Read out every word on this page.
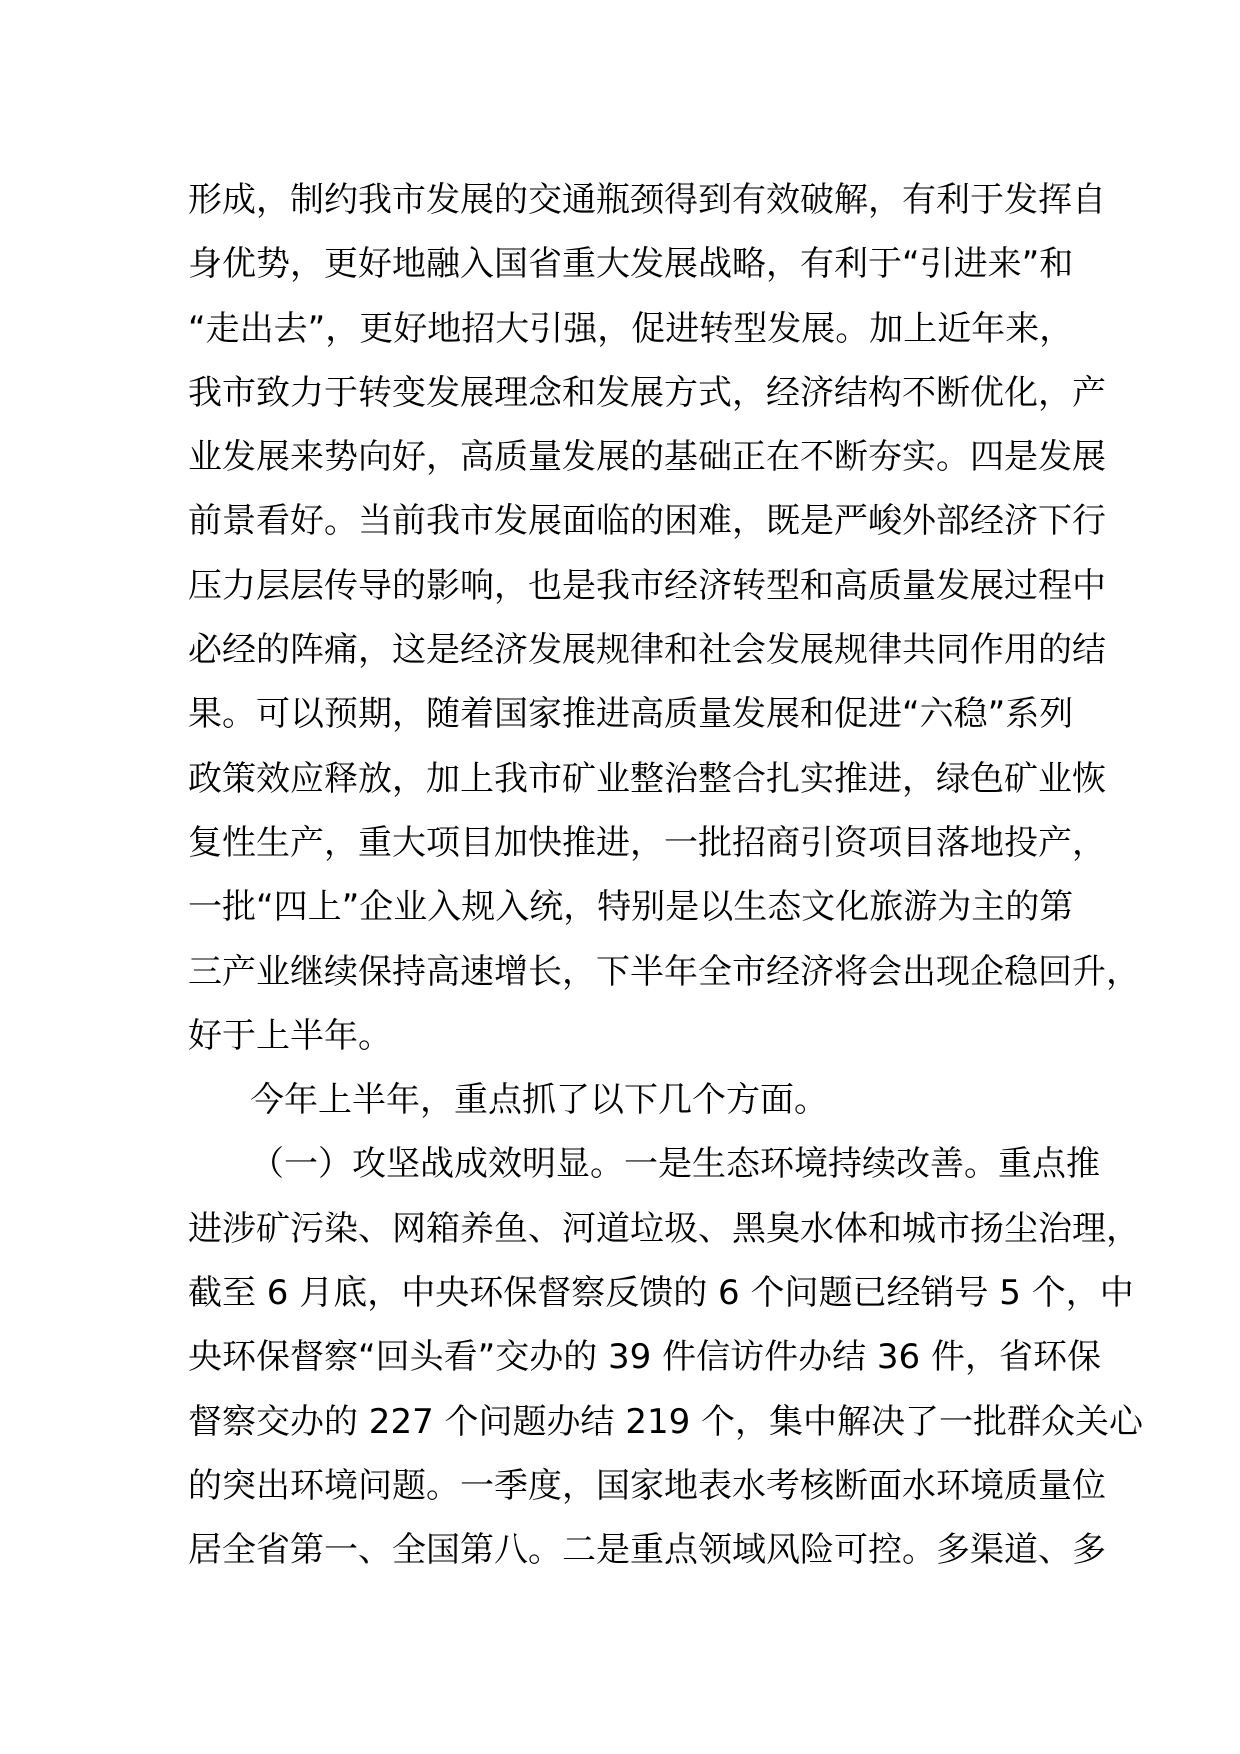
形成，制约我市发展的交通瓶颈得到有效破解，有利于发挥自
身优势，更好地融入国省重大发展战略，有利于“引进来”和
“走出去”，更好地招大引强，促进转型发展。加上近年来，
我市致力于转变发展理念和发展方式，经济结构不断优化，产
业发展来势向好，高质量发展的基础正在不断夯实。四是发展
前景看好。当前我市发展面临的困难，既是严峻外部经济下行
压力层层传导的影响，也是我市经济转型和高质量发展过程中
必经的阵痛，这是经济发展规律和社会发展规律共同作用的结
果。可以预期，随着国家推进高质量发展和促进“六稳”系列
政策效应释放，加上我市矿业整治整合扎实推进，绿色矿业恢
复性生产，重大项目加快推进，一批招商引资项目落地投产，
一批“四上”企业入规入统，特别是以生态文化旅游为主的第
三产业继续保持高速增长，下半年全市经济将会出现企稳回升，
好于上半年。
今年上半年，重点抓了以下几个方面。
（一）攻坚战成效明显。一是生态环境持续改善。重点推
进涉矿污染、网箱养鱼、河道垃圾、黑臭水体和城市扬尘治理，
截至 6 月底，中央环保督察反馈的 6 个问题已经销号 5 个，中
央环保督察“回头看”交办的 39 件信访件办结 36 件，省环保
督察交办的 227 个问题办结 219 个，集中解决了一批群众关心
的突出环境问题。一季度，国家地表水考核断面水环境质量位
居全省第一、全国第八。二是重点领域风险可控。多渠道、多
